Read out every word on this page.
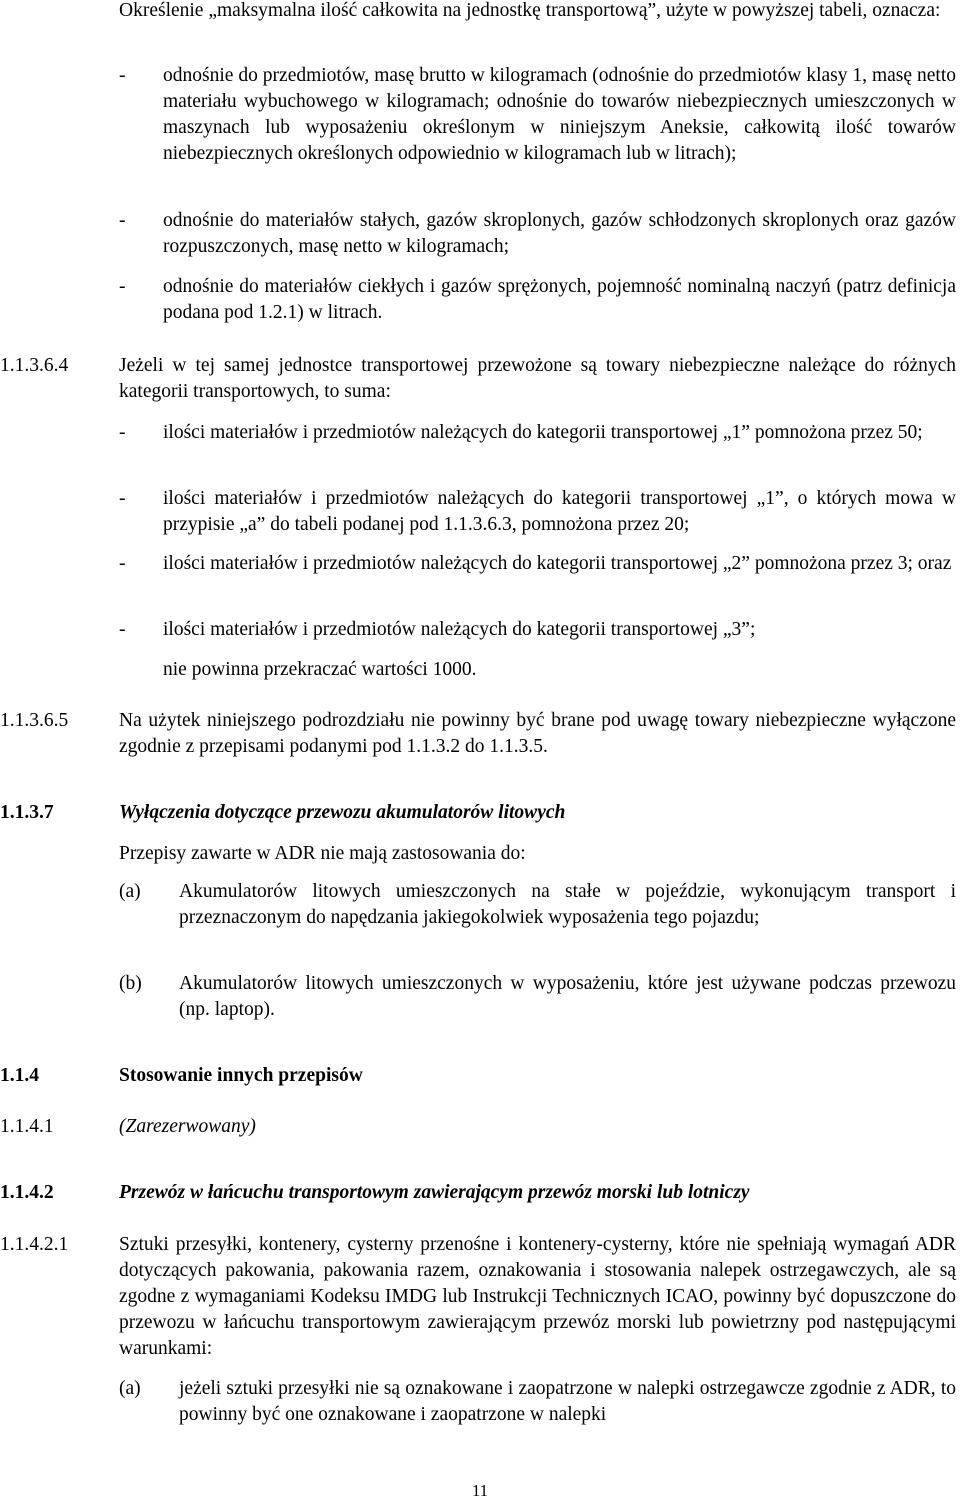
Określenie „maksymalna ilość całkowita na jednostkę transportową”, użyte w powyższej tabeli, oznacza:

- odnośnie do przedmiotów, masę brutto w kilogramach (odnośnie do przedmiotów klasy 1, masę netto materiału wybuchowego w kilogramach; odnośnie do towarów niebezpiecznych umieszczonych w maszynach lub wyposażeniu określonym w niniejszym Aneksie, całkowitą ilość towarów niebezpiecznych określonych odpowiednio w kilogramach lub w litrach);
- odnośnie do materiałów stałych, gazów skroplonych, gazów schłodzonych skroplonych oraz gazów rozpuszczonych, masę netto w kilogramach;
- odnośnie do materiałów ciekłych i gazów sprężonych, pojemność nominalną naczyń (patrz definicja podana pod 1.2.1) w litrach.
1.1.3.6.4	Jeżeli w tej samej jednostce transportowej przewożone są towary niebezpieczne należące do różnych kategorii transportowych, to suma:
- ilości materiałów i przedmiotów należących do kategorii transportowej „1” pomnożona przez 50;
- ilości materiałów i przedmiotów należących do kategorii transportowej „1”, o których mowa w przypisie „a” do tabeli podanej pod 1.1.3.6.3, pomnożona przez 20;
- ilości materiałów i przedmiotów należących do kategorii transportowej „2” pomnożona przez 3; oraz
- ilości materiałów i przedmiotów należących do kategorii transportowej „3”;
nie powinna przekraczać wartości 1000.
1.1.3.6.5	Na użytek niniejszego podrozdziału nie powinny być brane pod uwagę towary niebezpieczne wyłączone zgodnie z przepisami podanymi pod 1.1.3.2 do 1.1.3.5.
1.1.3.7	Wyłączenia dotyczące przewozu akumulatorów litowych
Przepisy zawarte w ADR nie mają zastosowania do:
(a) Akumulatorów litowych umieszczonych na stałe w pojeździe, wykonującym transport i przeznaczonym do napędzania jakiegokolwiek wyposażenia tego pojazdu;
(b) Akumulatorów litowych umieszczonych w wyposażeniu, które jest używane podczas przewozu (np. laptop).
1.1.4	Stosowanie innych przepisów
1.1.4.1	(Zarezerwowany)
1.1.4.2	Przewóz w łańcuchu transportowym zawierającym przewóz morski lub lotniczy
1.1.4.2.1	Sztuki przesyłki, kontenery, cysterny przenośne i kontenery-cysterny, które nie spełniają wymagań ADR dotyczących pakowania, pakowania razem, oznakowania i stosowania nalepek ostrzegawczych, ale są zgodne z wymaganiami Kodeksu IMDG lub Instrukcji Technicznych ICAO, powinny być dopuszczone do przewozu w łańcuchu transportowym zawierającym przewóz morski lub powietrzny pod następującymi warunkami:
(a) jeżeli sztuki przesyłki nie są oznakowane i zaopatrzone w nalepki ostrzegawcze zgodnie z ADR, to powinny być one oznakowane i zaopatrzone w nalepki
11
